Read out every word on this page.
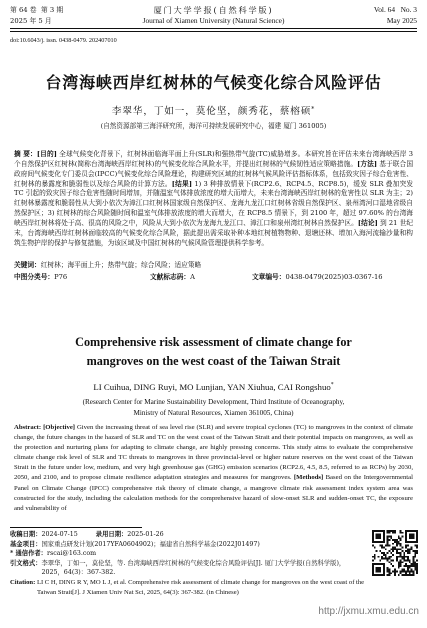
第 64 卷  第 3 期
2025 年 5 月
厦门大学学报(自然科学版)
Journal of Xiamen University (Natural Science)
Vol. 64   No. 3
May 2025
doi:10.6043/j. issn. 0438-0479. 202407010
台湾海峡西岸红树林的气候变化综合风险评估
李翠华，丁如一，莫伦坚，颜秀花，蔡榕硕*
(自然资源部第三海洋研究所，海洋可持续发展研究中心，福建 厦门 361005)

摘 要：[目的] 全球气候变化背景下，红树林面临海平面上升(SLR)和强热带气旋(TC)威胁增多。本研究旨在评估未来台湾海峡西岸 3 个自然保护区红树林(简称台湾海峡西岸红树林)的气候变化综合风险水平，并提出红树林的气候韧性适应策略措施。[方法] 基于联合国政府间气候变化专门委员会(IPCC)气候变化综合风险理论，构建研究区域的红树林气候风险评估指标体系，包括致灾因子综合危害性、红树林的暴露度和脆弱性以及综合风险的计算方法。[结果] 1) 3 种排放情景下(RCP2.6、RCP4.5、RCP8.5)，缓发 SLR 叠加突发 TC 引起的致灾因子综合危害性随时间增加，并随温室气体排放浓度的增大而增大，未来台湾海峡西岸红树林的危害性以 SLR 为主；2) 红树林暴露度和脆弱性从大到小依次为漳江口红树林国家级自然保护区、龙海九龙江口红树林省级自然保护区、泉州湾河口湿地省级自然保护区；3) 红树林的综合风险随时间和温室气体排放浓度的增大而增大，在 RCP8.5 情景下，到 2100 年，超过 97.60% 的台湾海峡西岸红树林将处于高、很高的风险之中，风险从大到小依次为龙海九龙江口、漳江口和泉州湾红树林自然保护区。[结论] 到 21 世纪末，台湾海峡西岸红树林面临较高的气候变化综合风险，据此提出需采取补种本地红树植物物种、退塘还林、增加入海河流输沙量和构筑生物护岸的保护与修复措施，为该区域及中国红树林的气候风险管理提供科学参考。

关键词：红树林；海平面上升；热带气旋；综合风险；适应策略
中图分类号：P76	文献标志码：A	文章编号：0438-0479(2025)03-0367-16
Comprehensive risk assessment of climate change for
mangroves on the west coast of the Taiwan Strait
LI Cuihua, DING Ruyi, MO Lunjian, YAN Xiuhua, CAI Rongshuo*
(Research Center for Marine Sustainability Development, Third Institute of Oceanography,
Ministry of Natural Resources, Xiamen 361005, China)

Abstract: [Objective] Given the increasing threat of sea level rise (SLR) and severe tropical cyclones (TC) to mangroves in the context of climate change, the future changes in the hazard of SLR and TC on the west coast of the Taiwan Strait and their potential impacts on mangroves, as well as the protection and nurturing plans for adapting to climate change, are highly pressing concerns. This study aims to evaluate the comprehensive climate change risk level of SLR and TC threats to mangroves in three provincial-level or higher nature reserves on the west coast of the Taiwan Strait in the future under low, medium, and very high greenhouse gas (GHG) emission scenarios (RCP2.6, 4.5, 8.5, referred to as RCPs) by 2030, 2050, and 2100, and to propose climate resilience adaptation strategies and measures for mangroves. [Methods] Based on the Intergovernmental Panel on Climate Change (IPCC) comprehensive risk theory of climate change, a mangrove climate risk assessment index system area was constructed for the study, including the calculation methods for the comprehensive hazard of slow-onset SLR and sudden-onset TC, the exposure and vulnerability of

收稿日期： 2024-07-15	录用日期： 2025-01-26
基金项目： 国家重点研发计划(2017YFA0604902)；福建省自然科学基金(2022J01497)
* 通信作者： rscai@163.com
引文格式： 李翠华，丁如一，莫伦坚，等. 台湾海峡西岸红树林的气候变化综合风险评估[J]. 厦门大学学报(自然科学版)，2025，64(3)：367-382.
Citation: LI C H, DING R Y, MO L J, et al. Comprehensive risk assessment of climate change for mangroves on the west coast of the Taiwan Strait[J]. J Xiamen Univ Nat Sci, 2025, 64(3): 367-382. (in Chinese)
http://jxmu.xmu.edu.cn
